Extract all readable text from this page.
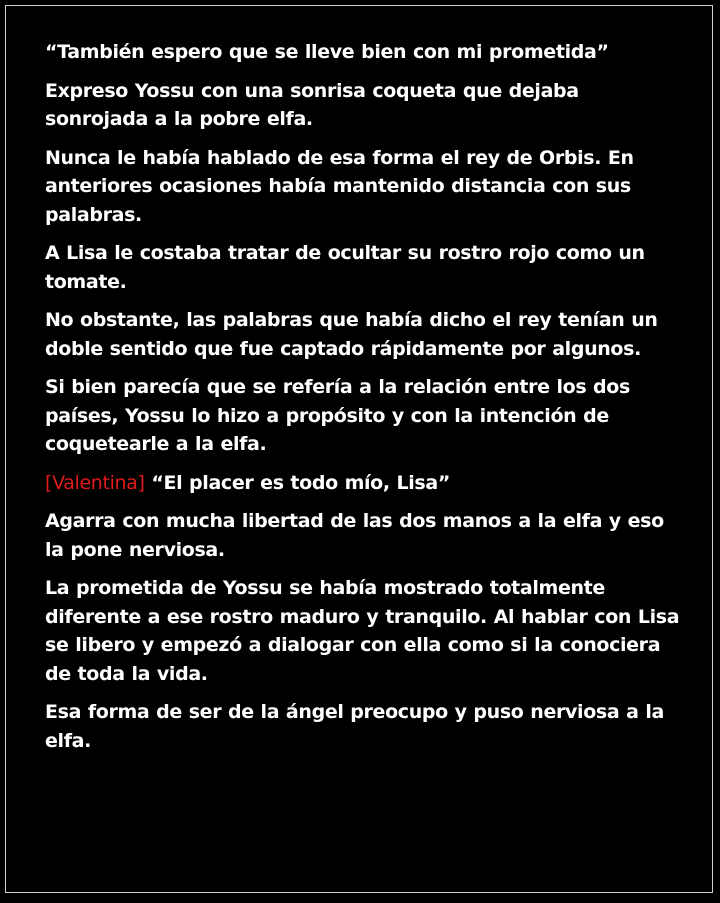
“También espero que se lleve bien con mi prometida”

Expreso Yossu con una sonrisa coqueta que dejaba sonrojada a la pobre elfa.

Nunca le había hablado de esa forma el rey de Orbis. En anteriores ocasiones había mantenido distancia con sus palabras.

A Lisa le costaba tratar de ocultar su rostro rojo como un tomate.

No obstante, las palabras que había dicho el rey tenían un doble sentido que fue captado rápidamente por algunos.

Si bien parecía que se refería a la relación entre los dos países, Yossu lo hizo a propósito y con la intención de coquetearle a la elfa.

[Valentina] “El placer es todo mío, Lisa”

Agarra con mucha libertad de las dos manos a la elfa y eso la pone nerviosa.

La prometida de Yossu se había mostrado totalmente diferente a ese rostro maduro y tranquilo. Al hablar con Lisa se libero y empezó a dialogar con ella como si la conociera de toda la vida.

Esa forma de ser de la ángel preocupo y puso nerviosa a la elfa.
